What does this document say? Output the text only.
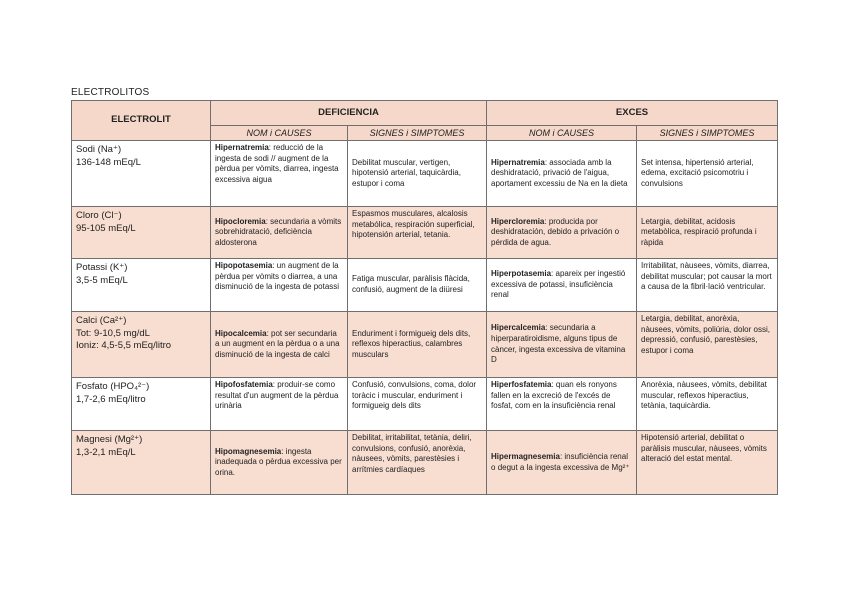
ELECTROLITOS
ELECTROLIT	DEFICIENCIA		EXCES	
	NOM i CAUSES	SIGNES i SIMPTOMES	NOM i CAUSES	SIGNES i SIMPTOMES

Sodi (Na⁺)
136-148 mEq/L	Hipernatremia: reducció de la ingesta de sodi // augment de la pèrdua per vòmits, diarrea, ingesta excessiva aigua	Debilitat muscular, vertigen, hipotensió arterial, taquicàrdia, estupor i coma	Hipernatremia: associada amb la deshidratació, privació de l'aigua, aportament excessiu de Na en la dieta	Set intensa, hipertensió arterial, edema, excitació psicomotriu i convulsions

Cloro (Cl⁻)
95-105 mEq/L	Hipocloremia: secundaria a vòmits sobrehidratació, deficiència aldosterona	Espasmos musculares, alcalosis metabólica, respiración superficial, hipotensión arterial, tetania.	Hipercloremia: producida por deshidratación, debido a privación o pérdida de agua.	Letargia, debilitat, acidosis metabòlica, respiració profunda i ràpida

Potassi (K⁺)
3,5-5 mEq/L	Hipopotasemia: un augment de la pèrdua per vòmits o diarrea, a una disminució de la ingesta de potassi	Fatiga muscular, paràlisis flàcida, confusió, augment de la diüresi	Hiperpotasemia: apareix per ingestió excessiva de potassi, insuficiència renal	Irritabilitat, nàusees, vòmits, diarrea, debilitat muscular; pot causar la mort a causa de la fibril·lació ventricular.

Calci (Ca²⁺)
Tot: 9-10,5 mg/dL
Ioniz: 4,5-5,5 mEq/litro	Hipocalcemia: pot ser secundaria a un augment en la pèrdua o a una disminució de la ingesta de calci	Enduriment i formigueig dels dits, reflexos hiperactius, calambres musculars	Hipercalcemia: secundaria a hiperparatiroidisme, alguns tipus de càncer, ingesta excessiva de vitamina D	Letargia, debilitat, anorèxia, nàusees, vòmits, poliúria, dolor ossi, depressió, confusió, parestèsies, estupor i coma

Fosfato (HPO₄²⁻)
1,7-2,6 mEq/litro	Hipofosfatemia: produir-se como resultat d'un augment de la pèrdua urinària	Confusió, convulsions, coma, dolor toràcic i muscular, enduriment i formigueig dels dits	Hiperfosfatemia: quan els ronyons fallen en la excreció de l'excés de fosfat, com en la insuficiència renal	Anorèxia, nàusees, vòmits, debilitat muscular, reflexos hiperactius, tetània, taquicàrdia.

Magnesi (Mg²⁺)
1,3-2,1 mEq/L	Hipomagnesemia: ingesta inadequada o pèrdua excessiva per orina.	Debilitat, irritabilitat, tetània, deliri, convulsions, confusió, anorèxia, nàusees, vòmits, parestèsies i arrítmies cardíaques	Hipermagnesemia: insuficiència renal o degut a la ingesta excessiva de Mg²⁺	Hipotensió arterial, debilitat o paràlisis muscular, nàusees, vòmits alteració del estat mental.
